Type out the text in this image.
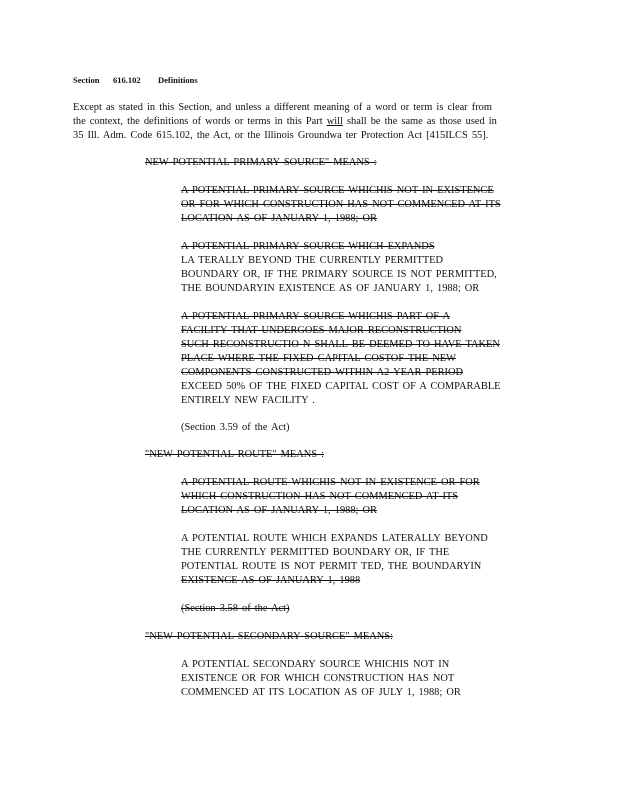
Section 616.102 Definitions
Except as stated in this Section, and unless a different meaning of a word or term is clear from
the context, the definitions of words or terms in this Part will shall be the same as those used in
35 Ill. Adm. Code 615.102, the Act, or the Illinois Groundwa ter Protection Act [415ILCS 55].
NEW POTENTIAL PRIMARY SOURCE" MEANS :
A POTENTIAL PRIMARY SOURCE WHICHIS NOT IN EXISTENCE
OR FOR WHICH CONSTRUCTION HAS NOT COMMENCED AT ITS
LOCATION AS OF JANUARY 1, 1988; OR
A POTENTIAL PRIMARY SOURCE WHICH EXPANDS
LA TERALLY BEYOND THE CURRENTLY PERMITTED
BOUNDARY OR, IF THE PRIMARY SOURCE IS NOT PERMITTED,
THE BOUNDARYIN EXISTENCE AS OF JANUARY 1, 1988; OR
A POTENTIAL PRIMARY SOURCE WHICHIS PART OF A
FACILITY THAT UNDERGOES MAJOR RECONSTRUCTION
SUCH RECONSTRUCTIO N SHALL BE DEEMED TO HAVE TAKEN
PLACE WHERE THE FIXED CAPITAL COSTOF THE NEW
COMPONENTS CONSTRUCTED WITHIN A2 YEAR PERIOD
EXCEED 50% OF THE FIXED CAPITAL COST OF A COMPARABLE
ENTIRELY NEW FACILITY .
(Section 3.59 of the Act)
"NEW POTENTIAL ROUTE" MEANS :
A POTENTIAL ROUTE WHICHIS NOT IN EXISTENCE OR FOR
WHICH CONSTRUCTION HAS NOT COMMENCED AT ITS
LOCATION AS OF JANUARY 1, 1988; OR
A POTENTIAL ROUTE WHICH EXPANDS LATERALLY BEYOND
THE CURRENTLY PERMITTED BOUNDARY OR, IF THE
POTENTIAL ROUTE IS NOT PERMIT TED, THE BOUNDARYIN
EXISTENCE AS OF JANUARY 1, 1988
(Section 3.58 of the Act)
"NEW POTENTIAL SECONDARY SOURCE" MEANS:
A POTENTIAL SECONDARY SOURCE WHICHIS NOT IN
EXISTENCE OR FOR WHICH CONSTRUCTION HAS NOT
COMMENCED AT ITS LOCATION AS OF JULY 1, 1988; OR
